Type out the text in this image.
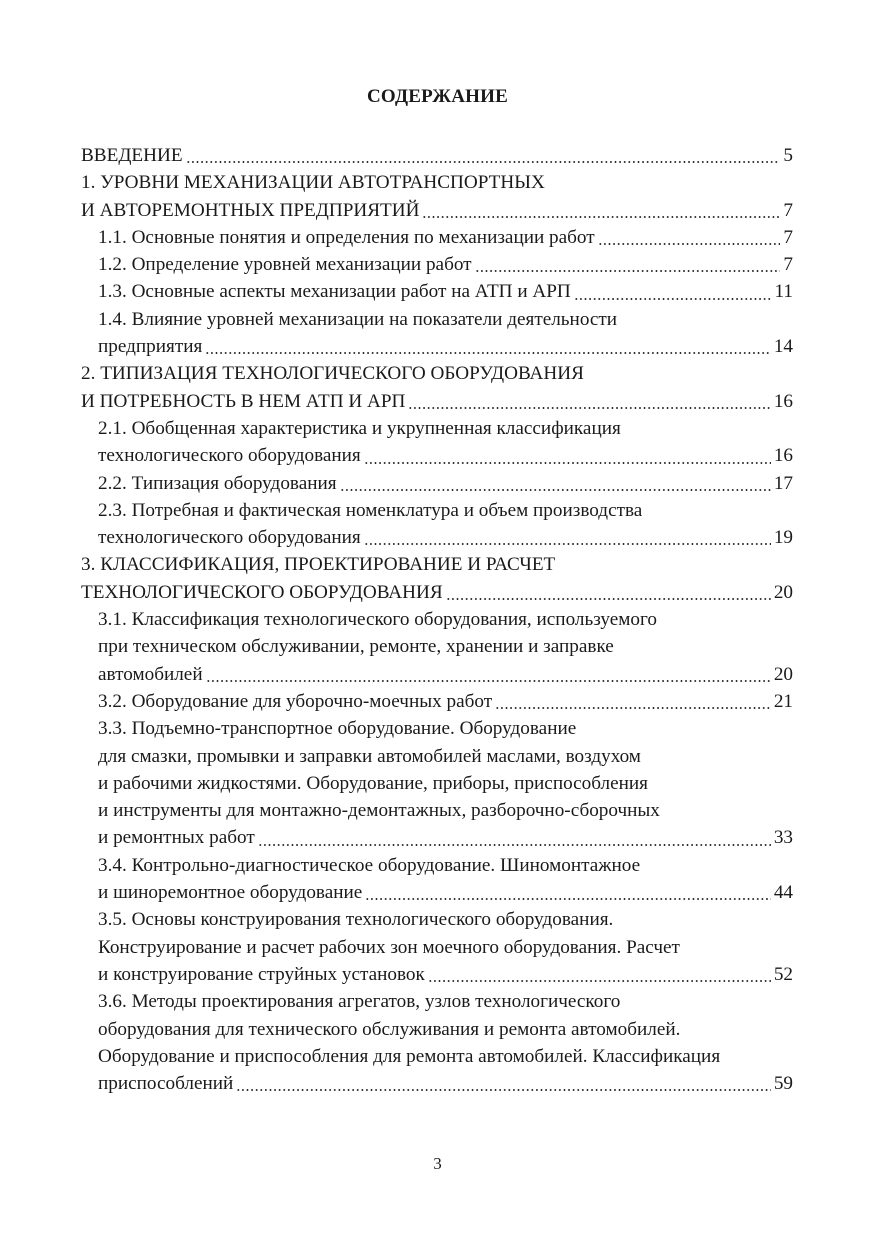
СОДЕРЖАНИЕ
ВВЕДЕНИЕ	5
1. УРОВНИ МЕХАНИЗАЦИИ АВТОТРАНСПОРТНЫХ
И АВТОРЕМОНТНЫХ ПРЕДПРИЯТИЙ	7
1.1. Основные понятия и определения по механизации работ	7
1.2. Определение уровней механизации работ	7
1.3. Основные аспекты механизации работ на АТП и АРП	11
1.4. Влияние уровней механизации на показатели деятельности
предприятия	14
2. ТИПИЗАЦИЯ ТЕХНОЛОГИЧЕСКОГО ОБОРУДОВАНИЯ
И ПОТРЕБНОСТЬ В НЕМ АТП И АРП	16
2.1. Обобщенная характеристика и укрупненная классификация
технологического оборудования	16
2.2. Типизация оборудования	17
2.3. Потребная и фактическая номенклатура и объем производства
технологического оборудования	19
3. КЛАССИФИКАЦИЯ, ПРОЕКТИРОВАНИЕ И РАСЧЕТ
ТЕХНОЛОГИЧЕСКОГО ОБОРУДОВАНИЯ	20
3.1. Классификация технологического оборудования, используемого
при техническом обслуживании, ремонте, хранении и заправке
автомобилей	20
3.2. Оборудование для уборочно-моечных работ	21
3.3. Подъемно-транспортное оборудование. Оборудование
для смазки, промывки и заправки автомобилей маслами, воздухом
и рабочими жидкостями. Оборудование, приборы, приспособления
и инструменты для монтажно-демонтажных, разборочно-сборочных
и ремонтных работ	33
3.4. Контрольно-диагностическое оборудование. Шиномонтажное
и шиноремонтное оборудование	44
3.5. Основы конструирования технологического оборудования.
Конструирование и расчет рабочих зон моечного оборудования. Расчет
и конструирование струйных установок	52
3.6. Методы проектирования агрегатов, узлов технологического
оборудования для технического обслуживания и ремонта автомобилей.
Оборудование и приспособления для ремонта автомобилей. Классификация
приспособлений	59
3
